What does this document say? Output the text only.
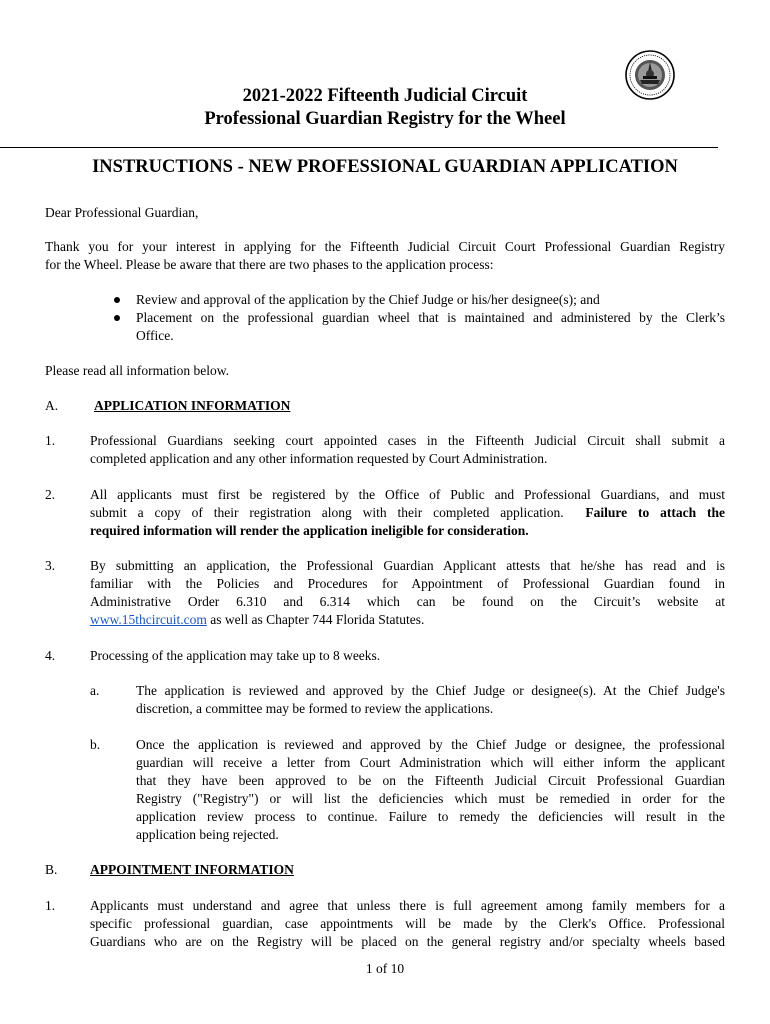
2021-2022 Fifteenth Judicial Circuit
Professional Guardian Registry for the Wheel
INSTRUCTIONS - NEW PROFESSIONAL GUARDIAN APPLICATION
Dear Professional Guardian,
Thank you for your interest in applying for the Fifteenth Judicial Circuit Court Professional Guardian Registry
for the Wheel. Please be aware that there are two phases to the application process:
Review and approval of the application by the Chief Judge or his/her designee(s); and
Placement on the professional guardian wheel that is maintained and administered by the Clerk’s
Office.
Please read all information below.
A.	APPLICATION INFORMATION
1.	Professional Guardians seeking court appointed cases in the Fifteenth Judicial Circuit shall submit a
completed application and any other information requested by Court Administration.
2.	All applicants must first be registered by the Office of Public and Professional Guardians, and must
submit a copy of their registration along with their completed application. Failure to attach the
required information will render the application ineligible for consideration.
3.	By submitting an application, the Professional Guardian Applicant attests that he/she has read and is
familiar with the Policies and Procedures for Appointment of Professional Guardian found in
Administrative Order 6.310 and 6.314 which can be found on the Circuit’s website at
www.15thcircuit.com as well as Chapter 744 Florida Statutes.
4.	Processing of the application may take up to 8 weeks.
a.	The application is reviewed and approved by the Chief Judge or designee(s). At the Chief Judge's
discretion, a committee may be formed to review the applications.
b.	Once the application is reviewed and approved by the Chief Judge or designee, the professional
guardian will receive a letter from Court Administration which will either inform the applicant
that they have been approved to be on the Fifteenth Judicial Circuit Professional Guardian
Registry ("Registry") or will list the deficiencies which must be remedied in order for the
application review process to continue. Failure to remedy the deficiencies will result in the
application being rejected.
B. APPOINTMENT INFORMATION
1.	Applicants must understand and agree that unless there is full agreement among family members for a
specific professional guardian, case appointments will be made by the Clerk's Office. Professional
Guardians who are on the Registry will be placed on the general registry and/or specialty wheels based
1 of 10
